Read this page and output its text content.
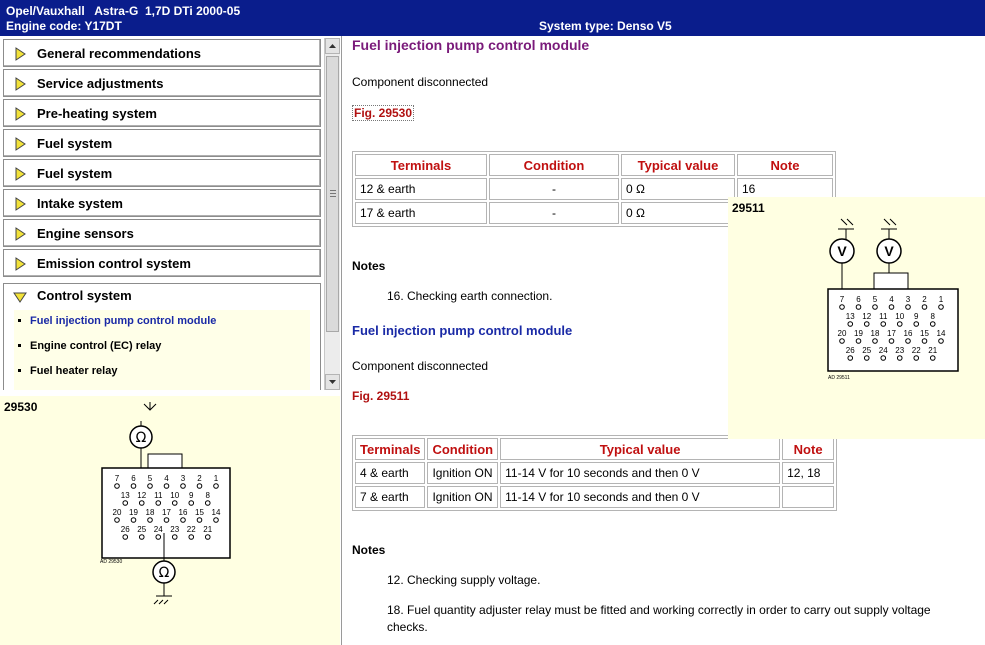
Opel/Vauxhall Astra-G  1,7D DTi 2000-05
Engine code: Y17DT	System type: Denso V5
General recommendations
Service adjustments
Pre-heating system
Fuel system
Fuel system
Intake system
Engine sensors
Emission control system
Control system
Fuel injection pump control module
Engine control (EC) relay
Fuel heater relay
29530
Ω
Ω
AD 29530
7 6 5 4 3 2 1
13 12 11 10 9 8
20 19 18 17 16 15 14
26 25 24 23 22 21
Fuel injection pump control module
Component disconnected
Fig. 29530
Terminals	Condition	Typical value	Note
12 & earth	-	0 Ω	16
17 & earth	-	0 Ω	
Notes
16. Checking earth connection.
Fuel injection pump control module
Component disconnected
Fig. 29511
Terminals	Condition	Typical value	Note
4 & earth	Ignition ON	11-14 V for 10 seconds and then 0 V	12, 18
7 & earth	Ignition ON	11-14 V for 10 seconds and then 0 V	
Notes
12. Checking supply voltage.
18. Fuel quantity adjuster relay must be fitted and working correctly in order to carry out supply voltage
checks.
29511
V	V
AD 29511
7 6 5 4 3 2 1
13 12 11 10 9 8
20 19 18 17 16 15 14
26 25 24 23 22 21
